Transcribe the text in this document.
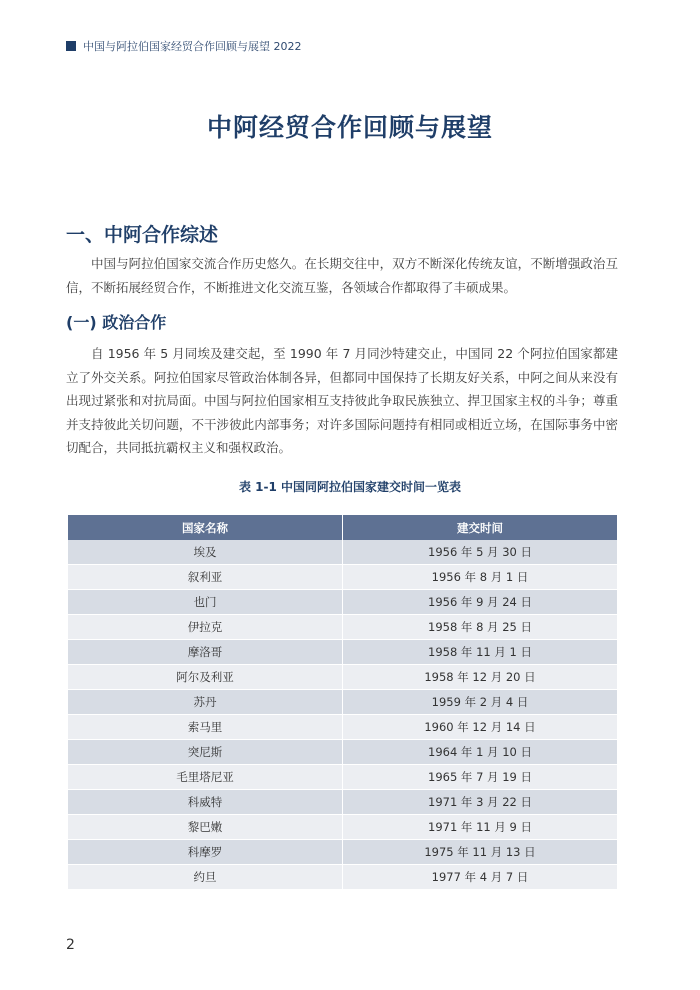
中国与阿拉伯国家经贸合作回顾与展望 2022
中阿经贸合作回顾与展望
一、中阿合作综述

中国与阿拉伯国家交流合作历史悠久。在长期交往中，双方不断深化传统友谊，不断增强政治互信，不断拓展经贸合作，不断推进文化交流互鉴，各领域合作都取得了丰硕成果。

(一) 政治合作

自 1956 年 5 月同埃及建交起，至 1990 年 7 月同沙特建交止，中国同 22 个阿拉伯国家都建立了外交关系。阿拉伯国家尽管政治体制各异，但都同中国保持了长期友好关系，中阿之间从来没有出现过紧张和对抗局面。中国与阿拉伯国家相互支持彼此争取民族独立、捍卫国家主权的斗争；尊重并支持彼此关切问题，不干涉彼此内部事务；对许多国际问题持有相同或相近立场，在国际事务中密切配合，共同抵抗霸权主义和强权政治。

表 1-1 中国同阿拉伯国家建交时间一览表
国家名称	建交时间
埃及	1956 年 5 月 30 日
叙利亚	1956 年 8 月 1 日
也门	1956 年 9 月 24 日
伊拉克	1958 年 8 月 25 日
摩洛哥	1958 年 11 月 1 日
阿尔及利亚	1958 年 12 月 20 日
苏丹	1959 年 2 月 4 日
索马里	1960 年 12 月 14 日
突尼斯	1964 年 1 月 10 日
毛里塔尼亚	1965 年 7 月 19 日
科威特	1971 年 3 月 22 日
黎巴嫩	1971 年 11 月 9 日
科摩罗	1975 年 11 月 13 日
约旦	1977 年 4 月 7 日
2
